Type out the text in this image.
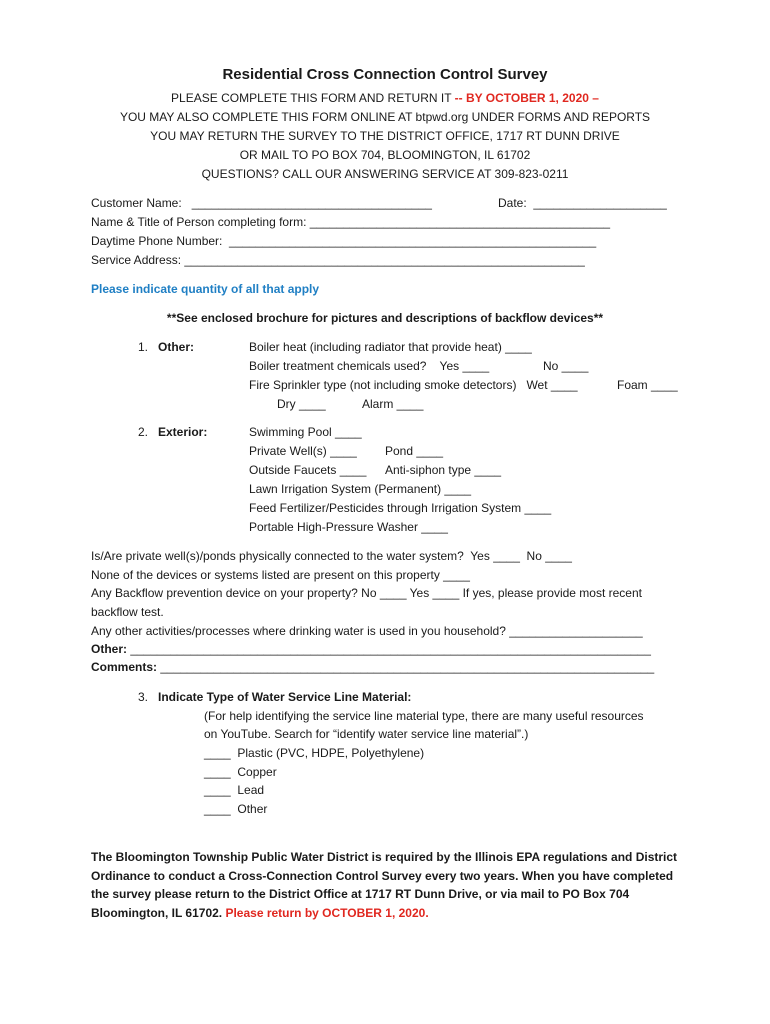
Residential Cross Connection Control Survey
PLEASE COMPLETE THIS FORM AND RETURN IT -- BY OCTOBER 1, 2020 –
YOU MAY ALSO COMPLETE THIS FORM ONLINE AT btpwd.org UNDER FORMS AND REPORTS
YOU MAY RETURN THE SURVEY TO THE DISTRICT OFFICE, 1717 RT DUNN DRIVE
OR MAIL TO PO BOX 704, BLOOMINGTON, IL 61702
QUESTIONS? CALL OUR ANSWERING SERVICE AT 309-823-0211
Customer Name:   ____________________________________	Date:  ____________________
Name & Title of Person completing form: _____________________________________________
Daytime Phone Number:  _______________________________________________________
Service Address: ____________________________________________________________
Please indicate quantity of all that apply
**See enclosed brochure for pictures and descriptions of backflow devices**
1. Other:	Boiler heat (including radiator that provide heat) ____
Boiler treatment chemicals used?    Yes ____	No ____
Fire Sprinkler type (not including smoke detectors)   Wet ____	Foam ____
Dry ____	Alarm ____
2. Exterior:	Swimming Pool ____
Private Well(s) ____ Pond ____
Outside Faucets ____ Anti-siphon type ____
Lawn Irrigation System (Permanent) ____
Feed Fertilizer/Pesticides through Irrigation System ____
Portable High-Pressure Washer ____
Is/Are private well(s)/ponds physically connected to the water system?  Yes ____  No ____
None of the devices or systems listed are present on this property ____
Any Backflow prevention device on your property? No ____ Yes ____ If yes, please provide most recent
backflow test.
Any other activities/processes where drinking water is used in you household? ____________________
Other: ______________________________________________________________________________
Comments: __________________________________________________________________________
3. Indicate Type of Water Service Line Material:
(For help identifying the service line material type, there are many useful resources
on YouTube. Search for “identify water service line material”.)
____  Plastic (PVC, HDPE, Polyethylene)
____  Copper
____  Lead
____  Other
The Bloomington Township Public Water District is required by the Illinois EPA regulations and District
Ordinance to conduct a Cross-Connection Control Survey every two years. When you have completed
the survey please return to the District Office at 1717 RT Dunn Drive, or via mail to PO Box 704
Bloomington, IL 61702. Please return by OCTOBER 1, 2020.
